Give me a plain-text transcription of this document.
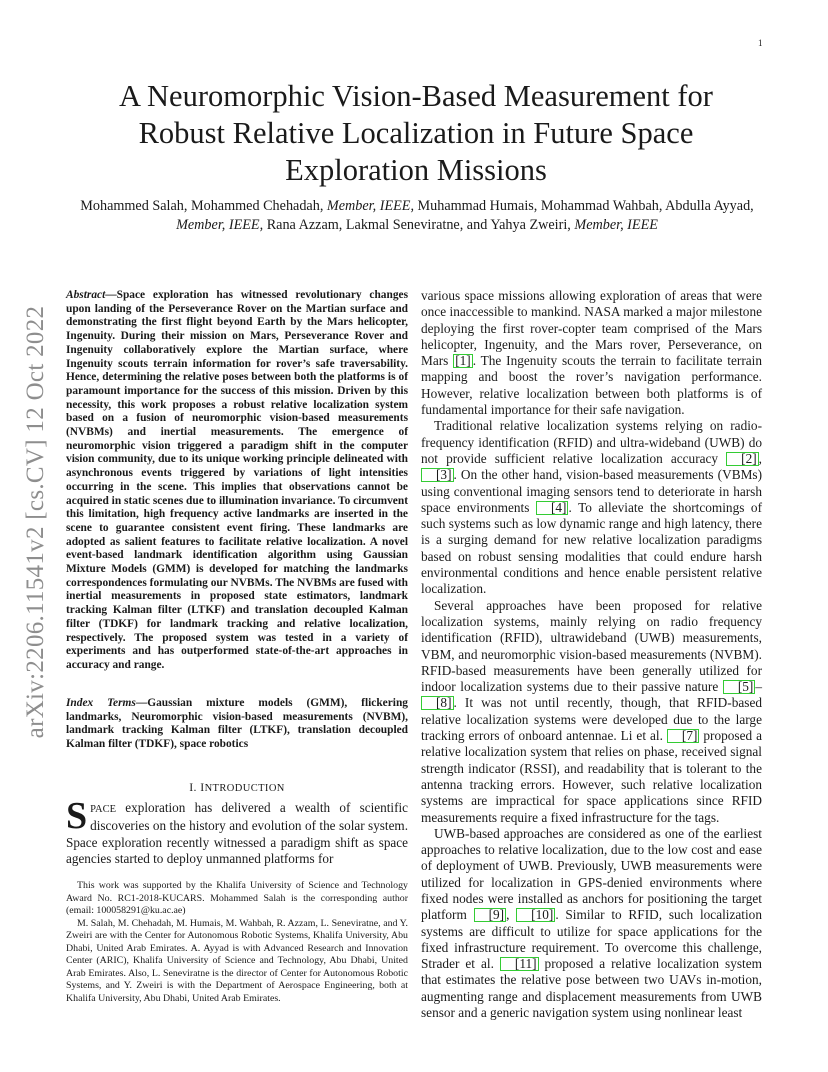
1
arXiv:2206.11541v2 [cs.CV] 12 Oct 2022
A Neuromorphic Vision-Based Measurement for
Robust Relative Localization in Future Space
Exploration Missions
Mohammed Salah, Mohammed Chehadah, Member, IEEE, Muhammad Humais, Mohammad Wahbah, Abdulla Ayyad, Member, IEEE, Rana Azzam, Lakmal Seneviratne, and Yahya Zweiri, Member, IEEE
Abstract—Space exploration has witnessed revolutionary changes upon landing of the Perseverance Rover on the Martian surface and demonstrating the first flight beyond Earth by the Mars helicopter, Ingenuity. During their mission on Mars, Perseverance Rover and Ingenuity collaboratively explore the Martian surface, where Ingenuity scouts terrain information for rover’s safe traversability. Hence, determining the relative poses between both the platforms is of paramount importance for the success of this mission. Driven by this necessity, this work proposes a robust relative localization system based on a fusion of neuromorphic vision-based measurements (NVBMs) and inertial measurements. The emergence of neuromorphic vision triggered a paradigm shift in the computer vision community, due to its unique working principle delineated with asynchronous events triggered by variations of light intensities occurring in the scene. This implies that observations cannot be acquired in static scenes due to illumination invariance. To circumvent this limitation, high frequency active landmarks are inserted in the scene to guarantee consistent event firing. These landmarks are adopted as salient features to facilitate relative localization. A novel event-based landmark identification algorithm using Gaussian Mixture Models (GMM) is developed for matching the landmarks correspondences formulating our NVBMs. The NVBMs are fused with inertial measurements in proposed state estimators, landmark tracking Kalman filter (LTKF) and translation decoupled Kalman filter (TDKF) for landmark tracking and relative localization, respectively. The proposed system was tested in a variety of experiments and has outperformed state-of-the-art approaches in accuracy and range.
Index Terms—Gaussian mixture models (GMM), flickering landmarks, Neuromorphic vision-based measurements (NVBM), landmark tracking Kalman filter (LTKF), translation decoupled Kalman filter (TDKF), space robotics
I. INTRODUCTION
SPACE exploration has delivered a wealth of scientific discoveries on the history and evolution of the solar system. Space exploration recently witnessed a paradigm shift as space agencies started to deploy unmanned platforms for

This work was supported by the Khalifa University of Science and Technology Award No. RC1-2018-KUCARS. Mohammed Salah is the corresponding author (email: 100058291@ku.ac.ae)

M. Salah, M. Chehadah, M. Humais, M. Wahbah, R. Azzam, L. Seneviratne, and Y. Zweiri are with the Center for Autonomous Robotic Systems, Khalifa University, Abu Dhabi, United Arab Emirates. A. Ayyad is with Advanced Research and Innovation Center (ARIC), Khalifa University of Science and Technology, Abu Dhabi, United Arab Emirates. Also, L. Seneviratne is the director of Center for Autonomous Robotic Systems, and Y. Zweiri is with the Department of Aerospace Engineering, both at Khalifa University, Abu Dhabi, United Arab Emirates.

various space missions allowing exploration of areas that were once inaccessible to mankind. NASA marked a major milestone deploying the first rover-copter team comprised of the Mars helicopter, Ingenuity, and the Mars rover, Perseverance, on Mars [1] . The Ingenuity scouts the terrain to facilitate terrain mapping and boost the rover’s navigation performance. However, relative localization between both platforms is of fundamental importance for their safe navigation.

Traditional relative localization systems relying on radio-frequency identification (RFID) and ultra-wideband (UWB) do not provide sufficient relative localization accuracy [2] , [3] . On the other hand, vision-based measurements (VBMs) using conventional imaging sensors tend to deteriorate in harsh space environments [4] . To alleviate the shortcomings of such systems such as low dynamic range and high latency, there is a surging demand for new relative localization paradigms based on robust sensing modalities that could endure harsh environmental conditions and hence enable persistent relative localization.

Several approaches have been proposed for relative localization systems, mainly relying on radio frequency identification (RFID), ultrawideband (UWB) measurements, VBM, and neuromorphic vision-based measurements (NVBM). RFID-based measurements have been generally utilized for indoor localization systems due to their passive nature [5] –[8] . It was not until recently, though, that RFID-based relative localization systems were developed due to the large tracking errors of onboard antennae. Li et al. [7] proposed a relative localization system that relies on phase, received signal strength indicator (RSSI), and readability that is tolerant to the antenna tracking errors. However, such relative localization systems are impractical for space applications since RFID measurements require a fixed infrastructure for the tags.

UWB-based approaches are considered as one of the earliest approaches to relative localization, due to the low cost and ease of deployment of UWB. Previously, UWB measurements were utilized for localization in GPS-denied environments where fixed nodes were installed as anchors for positioning the target platform [9] , [10] . Similar to RFID, such localization systems are difficult to utilize for space applications for the fixed infrastructure requirement. To overcome this challenge, Strader et al. [11] proposed a relative localization system that estimates the relative pose between two UAVs in-motion, augmenting range and displacement measurements from UWB sensor and a generic navigation system using nonlinear least
